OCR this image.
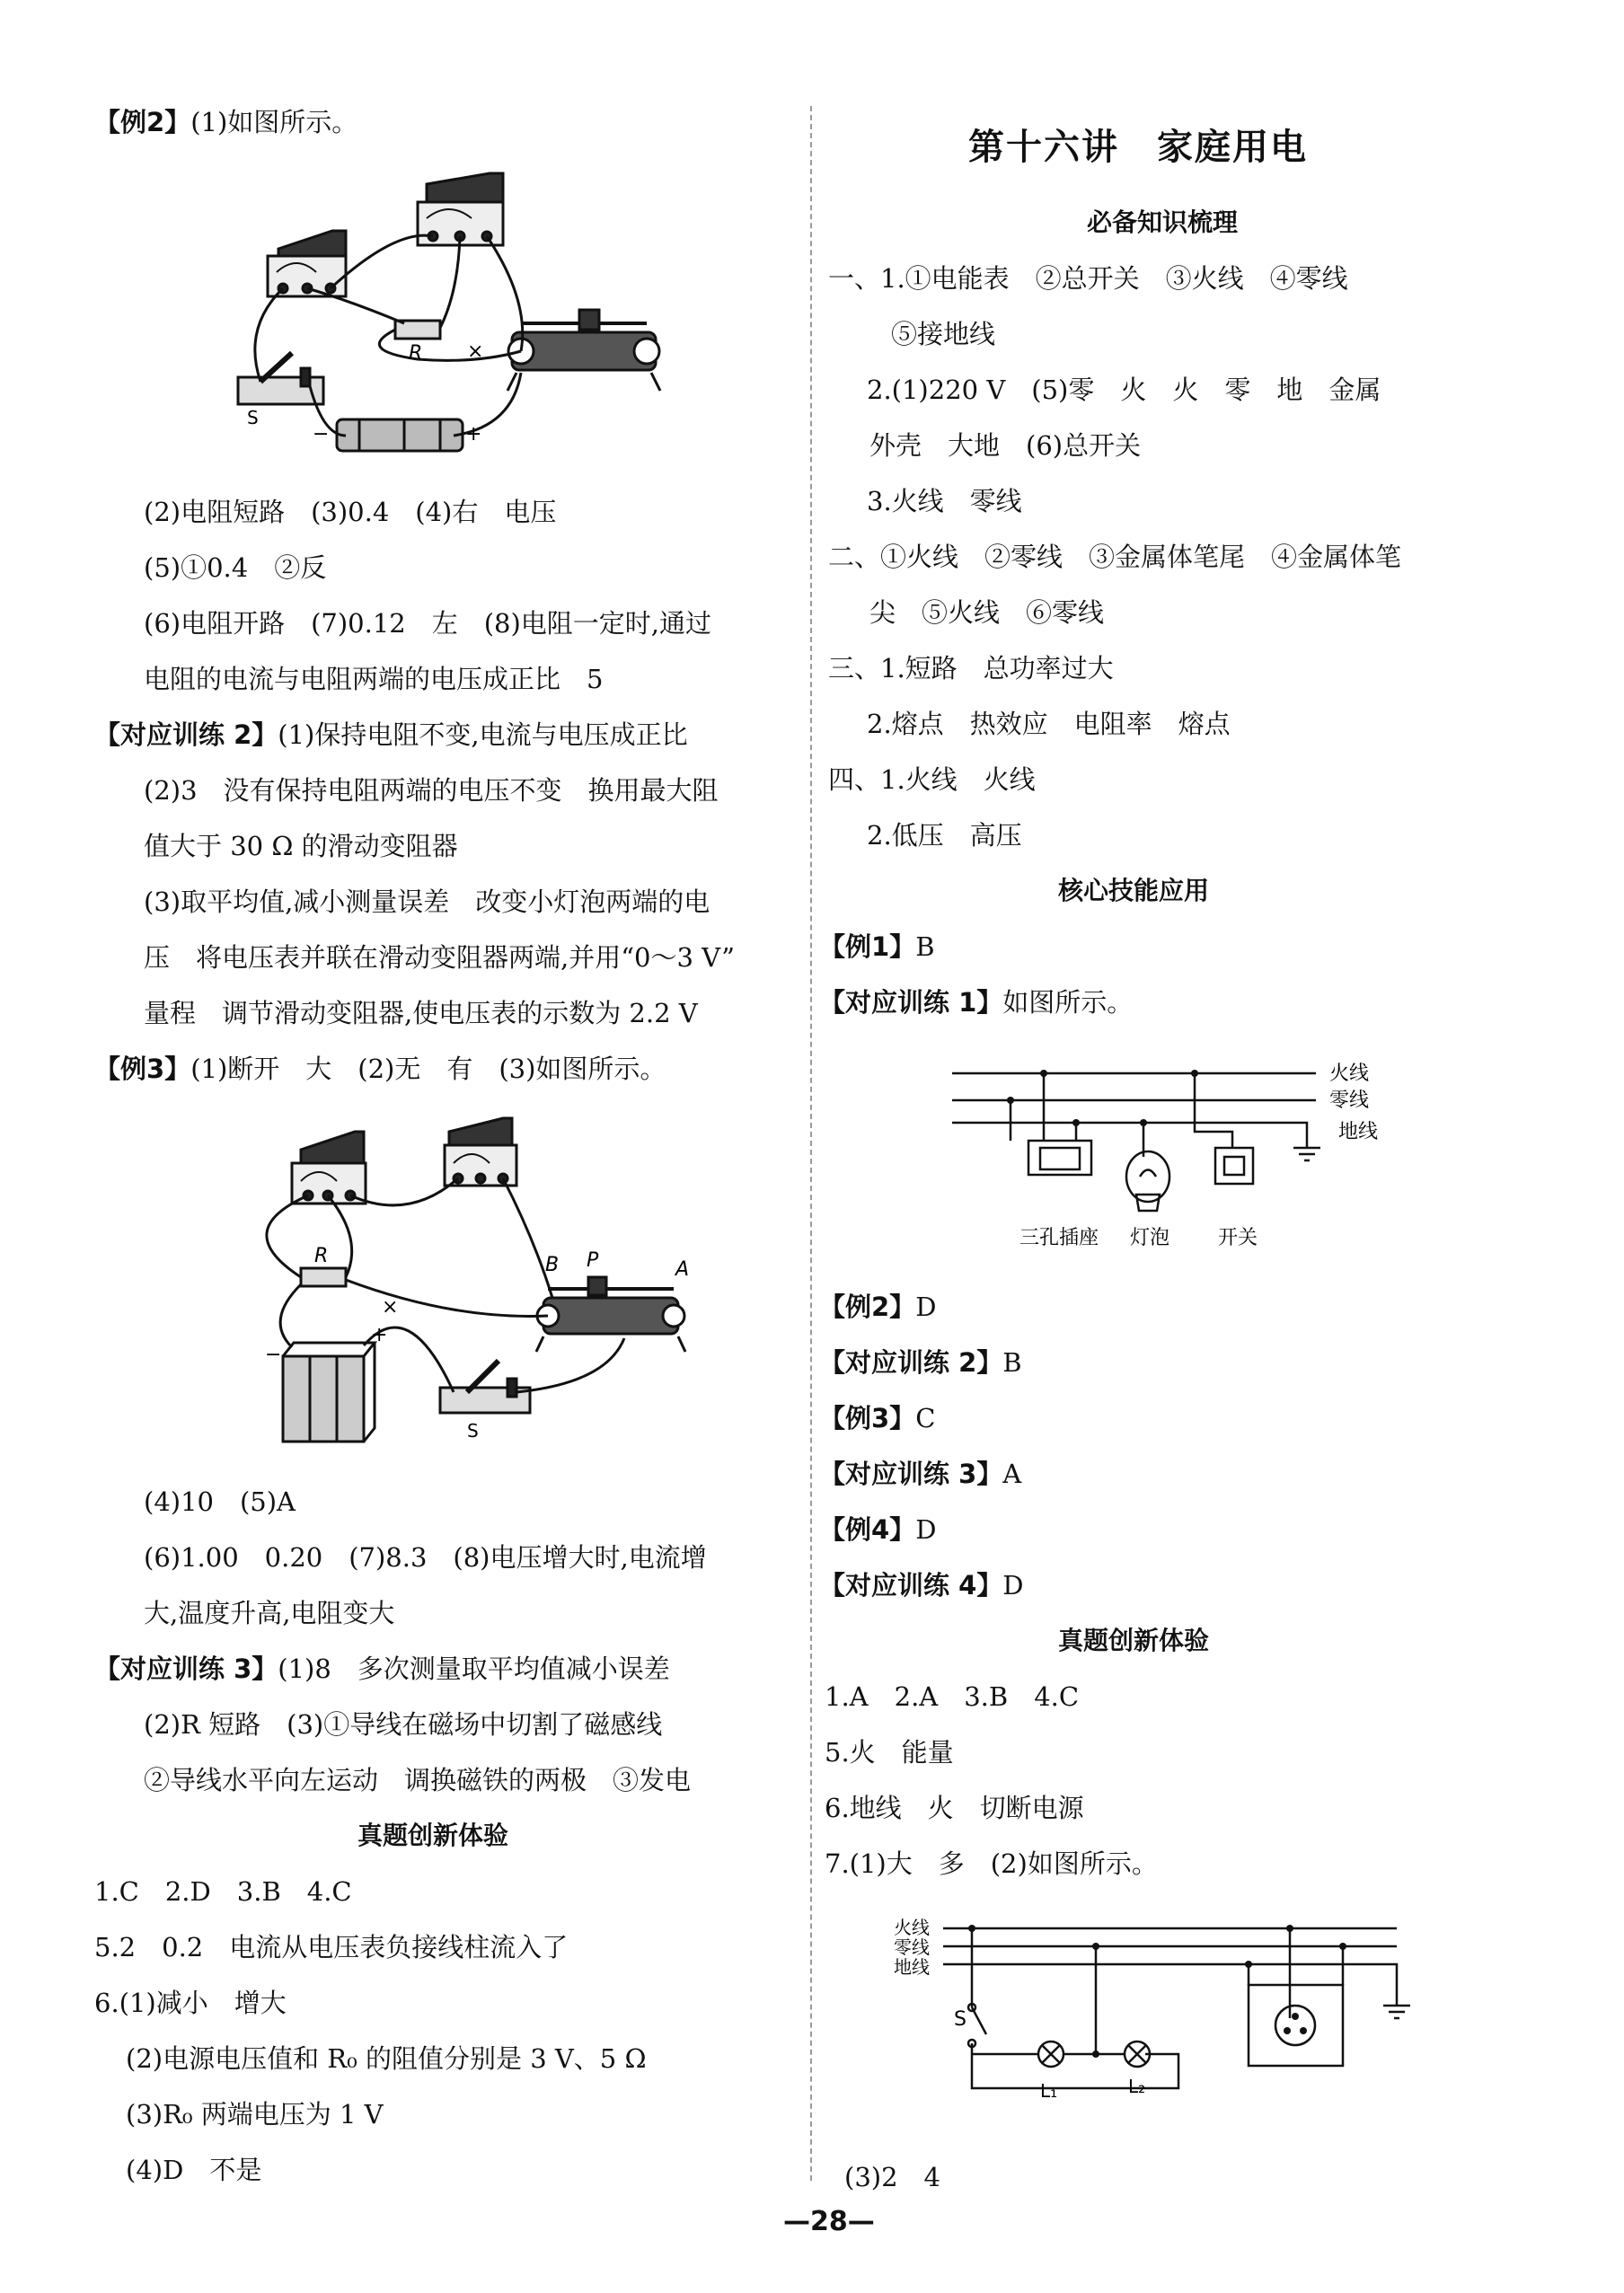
【例2】(1)如图所示。
R ×
S
−	+
(2)电阻短路　(3)0.4　(4)右　电压
(5)①0.4　②反
(6)电阻开路　(7)0.12　左　(8)电阻一定时,通过
电阻的电流与电阻两端的电压成正比　5
【对应训练 2】(1)保持电阻不变,电流与电压成正比
(2)3　没有保持电阻两端的电压不变　换用最大阻
值大于 30 Ω 的滑动变阻器
(3)取平均值,减小测量误差　改变小灯泡两端的电
压　将电压表并联在滑动变阻器两端,并用“0～3 V”
量程　调节滑动变阻器,使电压表的示数为 2.2 V
【例3】(1)断开　大　(2)无　有　(3)如图所示。
R
×
B P	A
−
+
S
(4)10　(5)A
(6)1.00　0.20　(7)8.3　(8)电压增大时,电流增
大,温度升高,电阻变大
【对应训练 3】(1)8　多次测量取平均值减小误差
(2)R 短路　(3)①导线在磁场中切割了磁感线
②导线水平向左运动　调换磁铁的两极　③发电
真题创新体验
1.C　2.D　3.B　4.C
5.2　0.2　电流从电压表负接线柱流入了
6.(1)减小　增大
(2)电源电压值和 R₀ 的阻值分别是 3 V、5 Ω
(3)R₀ 两端电压为 1 V
(4)D　不是
第十六讲　家庭用电
必备知识梳理
一、1.①电能表　②总开关　③火线　④零线
⑤接地线
2.(1)220 V　(5)零　火　火　零　地　金属
外壳　大地　(6)总开关
3.火线　零线
二、①火线　②零线　③金属体笔尾　④金属体笔
尖　⑤火线　⑥零线
三、1.短路　总功率过大
2.熔点　热效应　电阻率　熔点
四、1.火线　火线
2.低压　高压
核心技能应用
【例1】B
【对应训练 1】如图所示。
火线
零线
地线
三孔插座 灯泡 开关
【例2】D
【对应训练 2】B
【例3】C
【对应训练 3】A
【例4】D
【对应训练 4】D
真题创新体验
1.A　2.A　3.B　4.C
5.火　能量
6.地线　火　切断电源
7.(1)大　多　(2)如图所示。
火线
零线
地线
S
L₁	L₂
(3)2　4
—28—
